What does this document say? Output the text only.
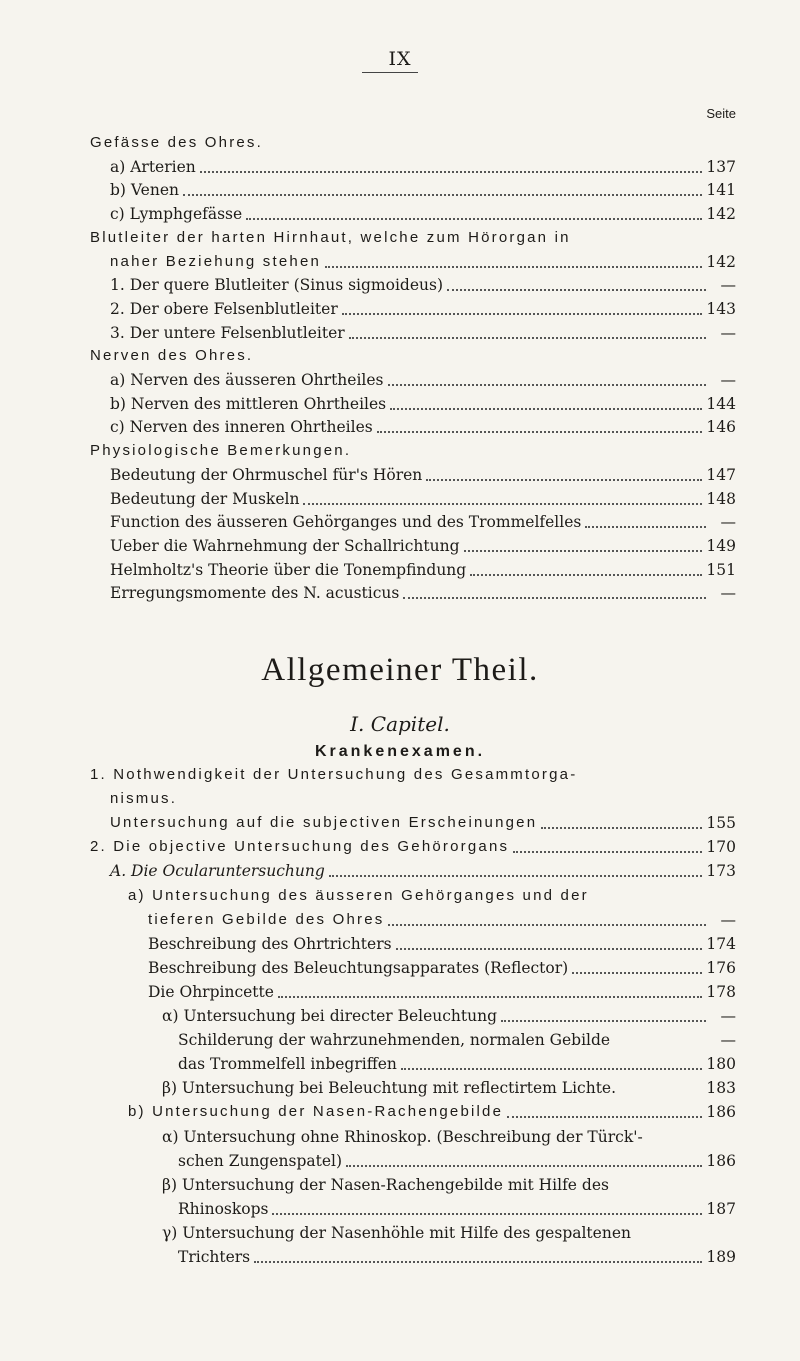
IX
Seite
Gefässe des Ohres.
a) Arterien	137
b) Venen	141
c) Lymphgefässe	142
Blutleiter der harten Hirnhaut, welche zum Hörorgan in
naher Beziehung stehen	142
1. Der quere Blutleiter (Sinus sigmoideus)	—
2. Der obere Felsenblutleiter	143
3. Der untere Felsenblutleiter	—
Nerven des Ohres.
a) Nerven des äusseren Ohrtheiles	—
b) Nerven des mittleren Ohrtheiles	144
c) Nerven des inneren Ohrtheiles	146
Physiologische Bemerkungen.
Bedeutung der Ohrmuschel für's Hören	147
Bedeutung der Muskeln	148
Function des äusseren Gehörganges und des Trommelfelles	—
Ueber die Wahrnehmung der Schallrichtung	149
Helmholtz's Theorie über die Tonempfindung	151
Erregungsmomente des N. acusticus	—
Allgemeiner Theil.
I. Capitel.
Krankenexamen.
1. Nothwendigkeit der Untersuchung des Gesammtorga-
nismus.
Untersuchung auf die subjectiven Erscheinungen	155
2. Die objective Untersuchung des Gehörorgans	170
A. Die Ocularuntersuchung	173
a) Untersuchung des äusseren Gehörganges und der
tieferen Gebilde des Ohres	—
Beschreibung des Ohrtrichters	174
Beschreibung des Beleuchtungsapparates (Reflector)	176
Die Ohrpincette	178
α) Untersuchung bei directer Beleuchtung	—
Schilderung der wahrzunehmenden, normalen Gebilde	—
das Trommelfell inbegriffen	180
β) Untersuchung bei Beleuchtung mit reflectirtem Lichte.	183
b) Untersuchung der Nasen-Rachengebilde	186
α) Untersuchung ohne Rhinoskop. (Beschreibung der Türck'-
schen Zungenspatel)	186
β) Untersuchung der Nasen-Rachengebilde mit Hilfe des
Rhinoskops	187
γ) Untersuchung der Nasenhöhle mit Hilfe des gespaltenen
Trichters	189
